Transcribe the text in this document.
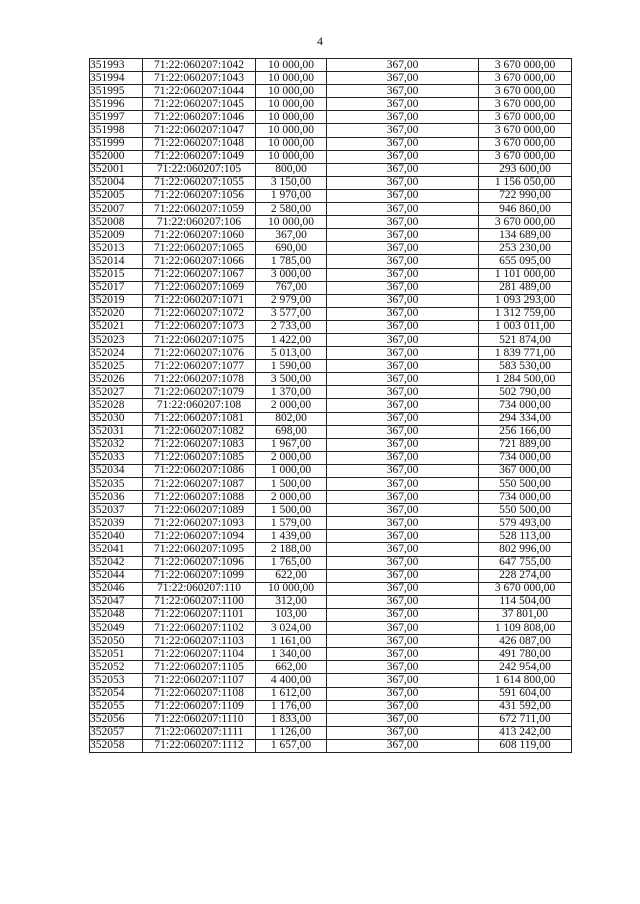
4
351993	71:22:060207:1042	10 000,00	367,00	3 670 000,00
351994	71:22:060207:1043	10 000,00	367,00	3 670 000,00
351995	71:22:060207:1044	10 000,00	367,00	3 670 000,00
351996	71:22:060207:1045	10 000,00	367,00	3 670 000,00
351997	71:22:060207:1046	10 000,00	367,00	3 670 000,00
351998	71:22:060207:1047	10 000,00	367,00	3 670 000,00
351999	71:22:060207:1048	10 000,00	367,00	3 670 000,00
352000	71:22:060207:1049	10 000,00	367,00	3 670 000,00
352001	71:22:060207:105	800,00	367,00	293 600,00
352004	71:22:060207:1055	3 150,00	367,00	1 156 050,00
352005	71:22:060207:1056	1 970,00	367,00	722 990,00
352007	71:22:060207:1059	2 580,00	367,00	946 860,00
352008	71:22:060207:106	10 000,00	367,00	3 670 000,00
352009	71:22:060207:1060	367,00	367,00	134 689,00
352013	71:22:060207:1065	690,00	367,00	253 230,00
352014	71:22:060207:1066	1 785,00	367,00	655 095,00
352015	71:22:060207:1067	3 000,00	367,00	1 101 000,00
352017	71:22:060207:1069	767,00	367,00	281 489,00
352019	71:22:060207:1071	2 979,00	367,00	1 093 293,00
352020	71:22:060207:1072	3 577,00	367,00	1 312 759,00
352021	71:22:060207:1073	2 733,00	367,00	1 003 011,00
352023	71:22:060207:1075	1 422,00	367,00	521 874,00
352024	71:22:060207:1076	5 013,00	367,00	1 839 771,00
352025	71:22:060207:1077	1 590,00	367,00	583 530,00
352026	71:22:060207:1078	3 500,00	367,00	1 284 500,00
352027	71:22:060207:1079	1 370,00	367,00	502 790,00
352028	71:22:060207:108	2 000,00	367,00	734 000,00
352030	71:22:060207:1081	802,00	367,00	294 334,00
352031	71:22:060207:1082	698,00	367,00	256 166,00
352032	71:22:060207:1083	1 967,00	367,00	721 889,00
352033	71:22:060207:1085	2 000,00	367,00	734 000,00
352034	71:22:060207:1086	1 000,00	367,00	367 000,00
352035	71:22:060207:1087	1 500,00	367,00	550 500,00
352036	71:22:060207:1088	2 000,00	367,00	734 000,00
352037	71:22:060207:1089	1 500,00	367,00	550 500,00
352039	71:22:060207:1093	1 579,00	367,00	579 493,00
352040	71:22:060207:1094	1 439,00	367,00	528 113,00
352041	71:22:060207:1095	2 188,00	367,00	802 996,00
352042	71:22:060207:1096	1 765,00	367,00	647 755,00
352044	71:22:060207:1099	622,00	367,00	228 274,00
352046	71:22:060207:110	10 000,00	367,00	3 670 000,00
352047	71:22:060207:1100	312,00	367,00	114 504,00
352048	71:22:060207:1101	103,00	367,00	37 801,00
352049	71:22:060207:1102	3 024,00	367,00	1 109 808,00
352050	71:22:060207:1103	1 161,00	367,00	426 087,00
352051	71:22:060207:1104	1 340,00	367,00	491 780,00
352052	71:22:060207:1105	662,00	367,00	242 954,00
352053	71:22:060207:1107	4 400,00	367,00	1 614 800,00
352054	71:22:060207:1108	1 612,00	367,00	591 604,00
352055	71:22:060207:1109	1 176,00	367,00	431 592,00
352056	71:22:060207:1110	1 833,00	367,00	672 711,00
352057	71:22:060207:1111	1 126,00	367,00	413 242,00
352058	71:22:060207:1112	1 657,00	367,00	608 119,00
